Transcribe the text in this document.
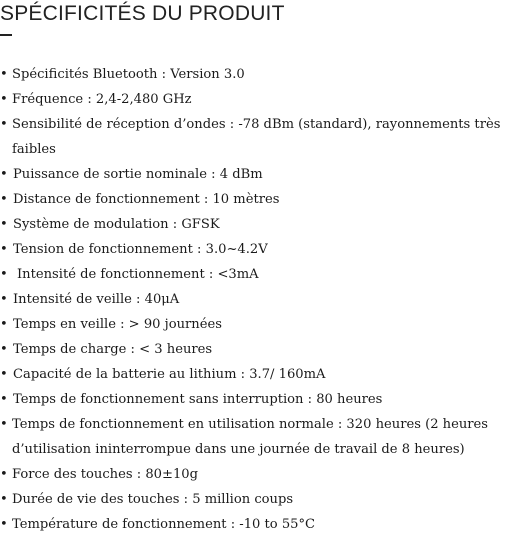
SPÉCIFICITÉS DU PRODUIT
• Spécificités Bluetooth : Version 3.0
• Fréquence : 2,4-2,480 GHz
• Sensibilité de réception d’ondes : -78 dBm (standard), rayonnements très faibles
• Puissance de sortie nominale : 4 dBm
• Distance de fonctionnement : 10 mètres
• Système de modulation : GFSK
• Tension de fonctionnement : 3.0~4.2V
• Intensité de fonctionnement : <3mA
• Intensité de veille : 40μA
• Temps en veille : > 90 journées
• Temps de charge : < 3 heures
• Capacité de la batterie au lithium : 3.7/ 160mA
• Temps de fonctionnement sans interruption : 80 heures
• Temps de fonctionnement en utilisation normale : 320 heures (2 heures d’utilisation ininterrompue dans une journée de travail de 8 heures)
• Force des touches : 80±10g
• Durée de vie des touches : 5 million coups
• Température de fonctionnement : -10 to 55°C
